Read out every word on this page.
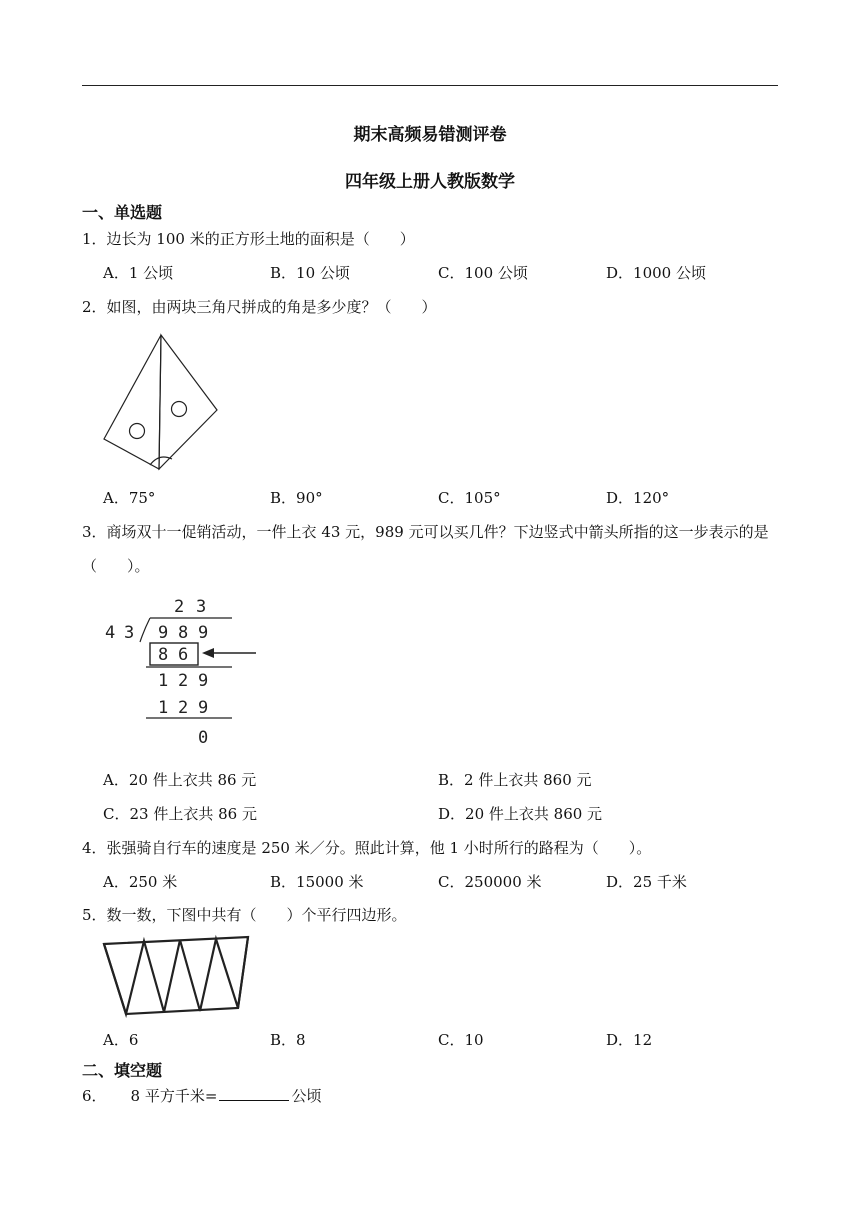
期末高频易错测评卷
四年级上册人教版数学
一、单选题
1．边长为 100 米的正方形土地的面积是（　　）
A．1 公顷	B．10 公顷	C．100 公顷	D．1000 公顷
2．如图，由两块三角尺拼成的角是多少度？（　　）
A．75°	B．90°	C．105°	D．120°
3．商场双十一促销活动，一件上衣 43 元，989 元可以买几件？下边竖式中箭头所指的这一步表示的是（　　）。
2 3
4 3 9 8 9
8 6
1 2 9
1 2 9
0
A．20 件上衣共 86 元	B．2 件上衣共 860 元
C．23 件上衣共 86 元	D．20 件上衣共 860 元
4．张强骑自行车的速度是 250 米／分。照此计算，他 1 小时所行的路程为（　　）。
A．250 米	B．15000 米	C．250000 米	D．25 千米
5．数一数，下图中共有（　　）个平行四边形。
A．6	B．8	C．10	D．12
二、填空题
6． 8 平方千米=	公顷
